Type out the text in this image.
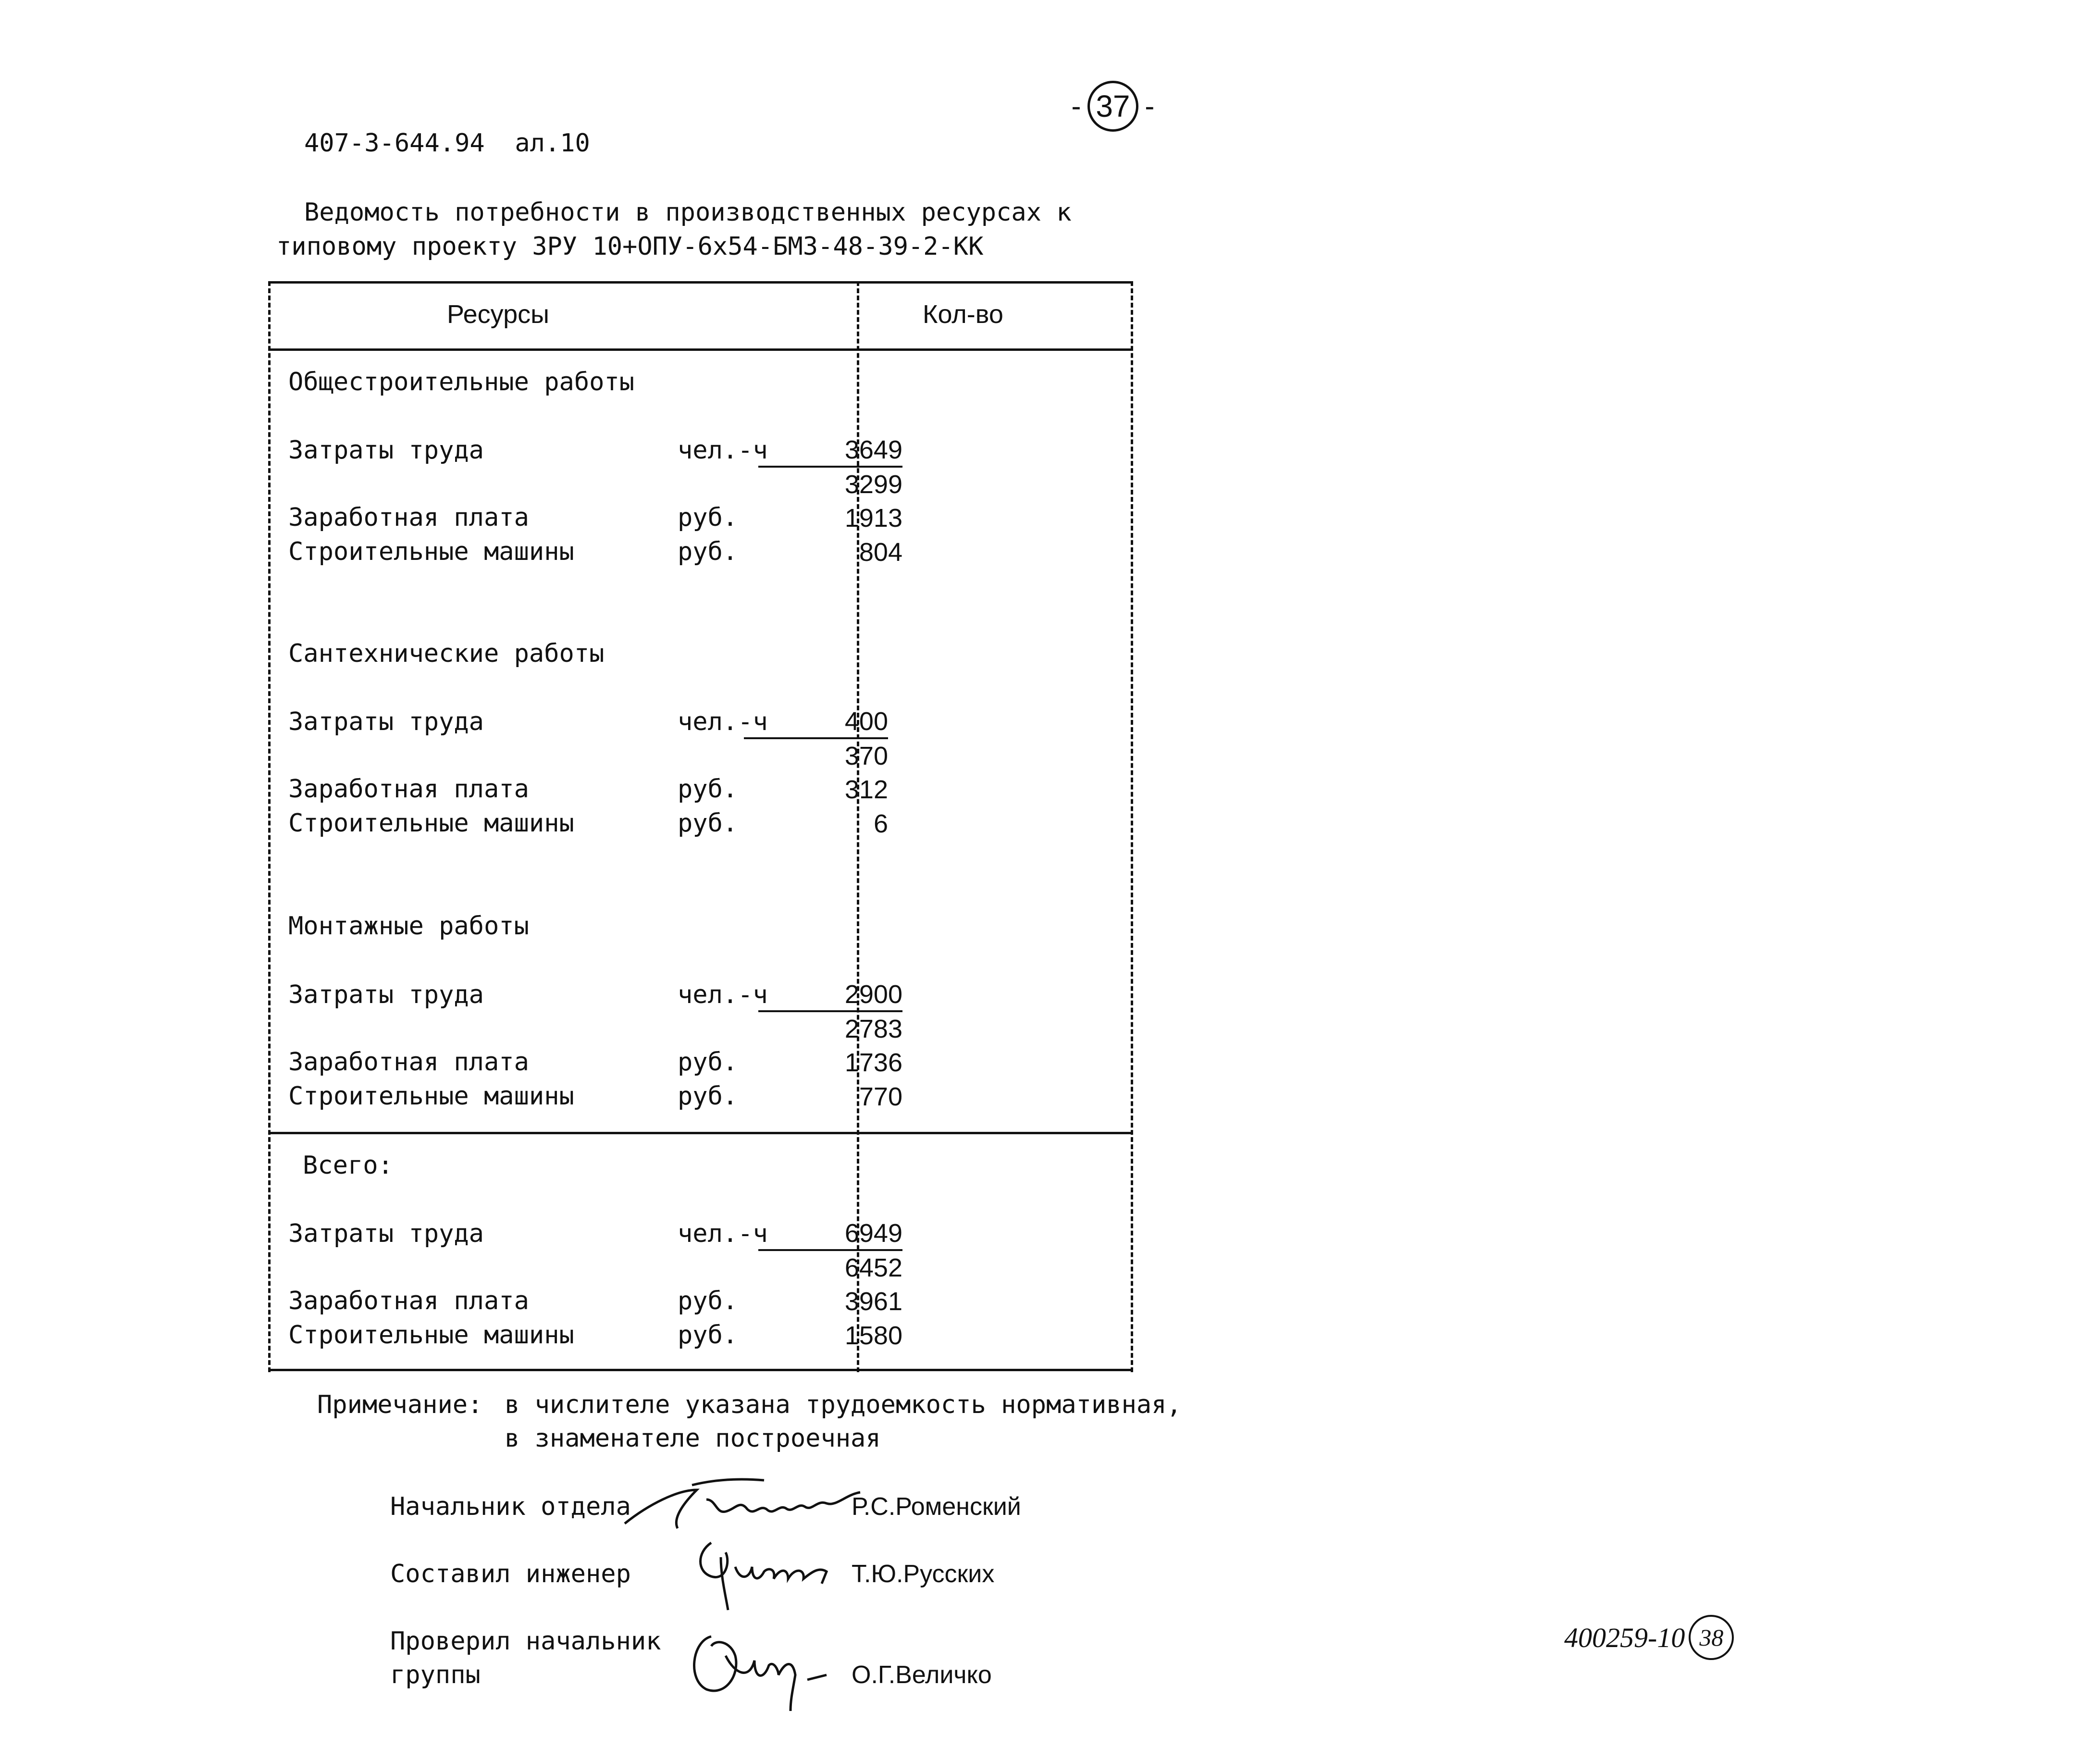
- 37 -
407-3-644.94 ал.10
Ведомость потребности в производственных ресурсах к
типовому проекту ЗРУ 10+ОПУ-6х54-БМЗ-48-39-2-КК
Ресурсы	Кол-во
Общестроительные работы
Затраты труда	чел.-ч	3649
3299
Заработная плата	руб.	1913
Строительные машины	руб.	804
Сантехнические работы
Затраты труда	чел.-ч	400
370
Заработная плата	руб.	312
Строительные машины	руб.	6
Монтажные работы
Затраты труда	чел.-ч	2900
2783
Заработная плата	руб.	1736
Строительные машины	руб.	770
Всего:
Затраты труда	чел.-ч	6949
6452
Заработная плата	руб.	3961
Строительные машины	руб.	1580
Примечание: в числителе указана трудоемкость нормативная,
в знаменателе построечная
Начальник отдела	Р.С.Роменский
Составил инженер	Т.Ю.Русских
Проверил начальник
группы	О.Г.Величко
400259-10 38
